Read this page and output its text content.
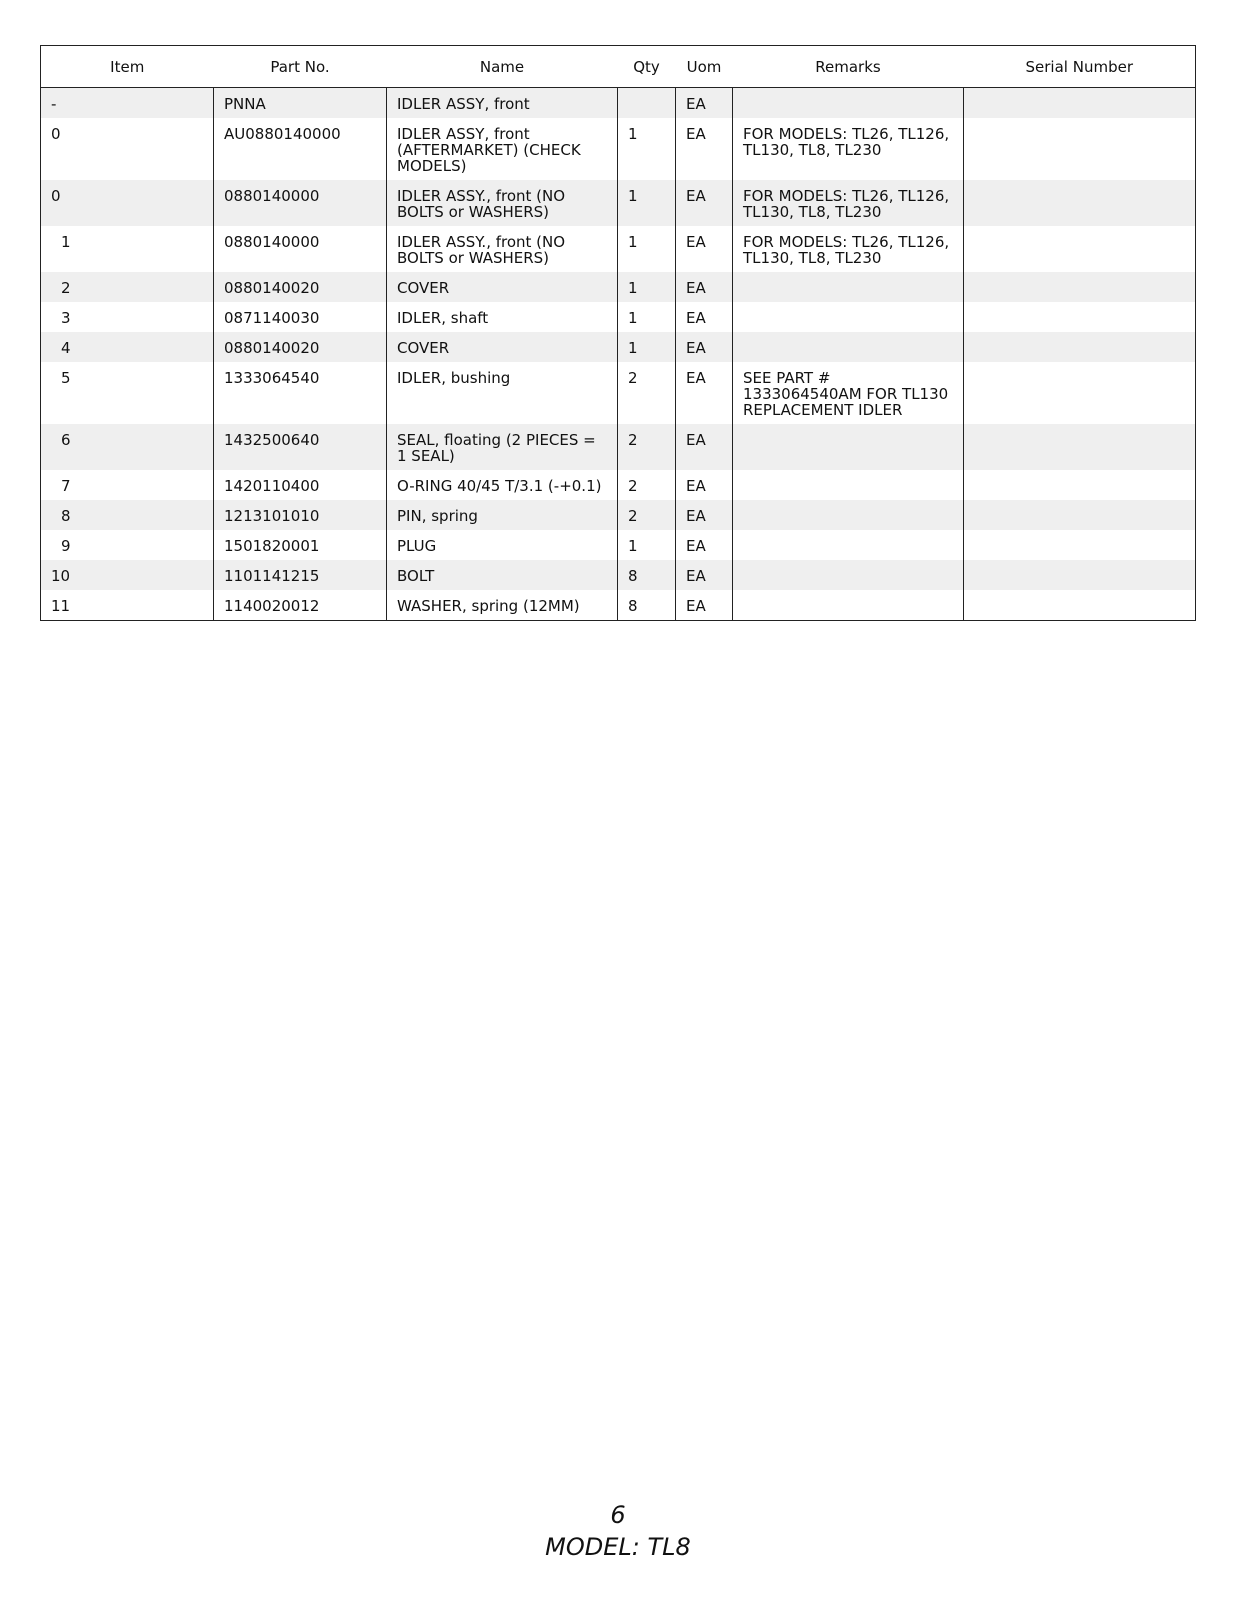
Item	Part No.	Name	Qty	Uom	Remarks	Serial Number
-	PNNA	IDLER ASSY, front		EA		
0	AU0880140000	IDLER ASSY, front (AFTERMARKET) (CHECK MODELS)	1	EA	FOR MODELS: TL26, TL126, TL130, TL8, TL230	
0	0880140000	IDLER ASSY., front (NO BOLTS or WASHERS)	1	EA	FOR MODELS: TL26, TL126, TL130, TL8, TL230	
1	0880140000	IDLER ASSY., front (NO BOLTS or WASHERS)	1	EA	FOR MODELS: TL26, TL126, TL130, TL8, TL230	
2	0880140020	COVER	1	EA		
3	0871140030	IDLER, shaft	1	EA		
4	0880140020	COVER	1	EA		
5	1333064540	IDLER, bushing	2	EA	SEE PART # 1333064540AM FOR TL130 REPLACEMENT IDLER	
6	1432500640	SEAL, floating (2 PIECES = 1 SEAL)	2	EA		
7	1420110400	O-RING 40/45 T/3.1 (-+0.1)	2	EA		
8	1213101010	PIN, spring	2	EA		
9	1501820001	PLUG	1	EA		
10	1101141215	BOLT	8	EA		
11	1140020012	WASHER, spring (12MM)	8	EA		
6
MODEL: TL8
